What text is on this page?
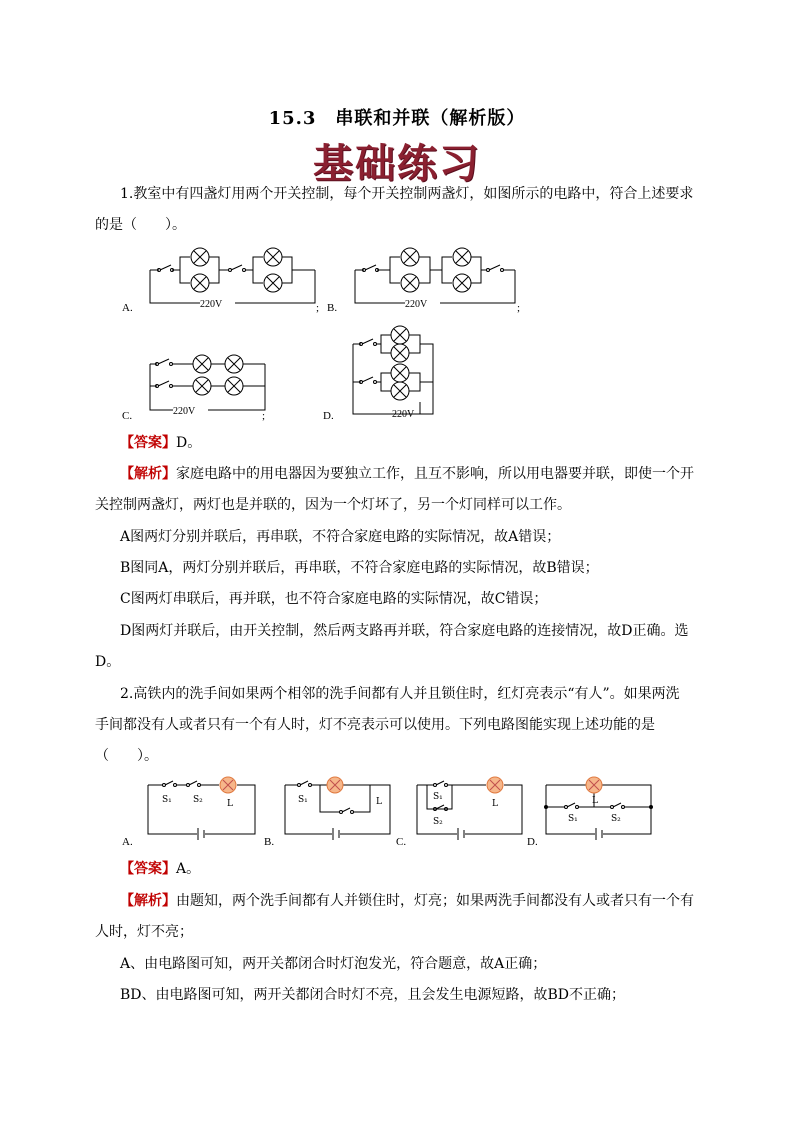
15.3　串联和并联（解析版）
基础练习
1.教室中有四盏灯用两个开关控制，每个开关控制两盏灯，如图所示的电路中，符合上述要求
的是（　　）。
220V
A.	; B.	220V	;
220V
C.	;	D.	220V
【答案】D。
【解析】家庭电路中的用电器因为要独立工作，且互不影响，所以用电器要并联，即使一个开
关控制两盏灯，两灯也是并联的，因为一个灯坏了，另一个灯同样可以工作。
A图两灯分别并联后，再串联，不符合家庭电路的实际情况，故A错误；
B图同A，两灯分别并联后，再串联，不符合家庭电路的实际情况，故B错误；
C图两灯串联后，再并联，也不符合家庭电路的实际情况，故C错误；
D图两灯并联后，由开关控制，然后两支路再并联，符合家庭电路的连接情况，故D正确。选
D。
2.高铁内的洗手间如果两个相邻的洗手间都有人并且锁住时，红灯亮表示“有人”。如果两洗
手间都没有人或者只有一个有人时，灯不亮表示可以使用。下列电路图能实现上述功能的是
（　　）。
S₁ S₂	L
A.
S₁	L
B.
S₁
S₂
L
C.
L
S₁	S₂
D.
【答案】A。
【解析】由题知，两个洗手间都有人并锁住时，灯亮；如果两洗手间都没有人或者只有一个有
人时，灯不亮；
A、由电路图可知，两开关都闭合时灯泡发光，符合题意，故A正确；
BD、由电路图可知，两开关都闭合时灯不亮，且会发生电源短路，故BD不正确；
